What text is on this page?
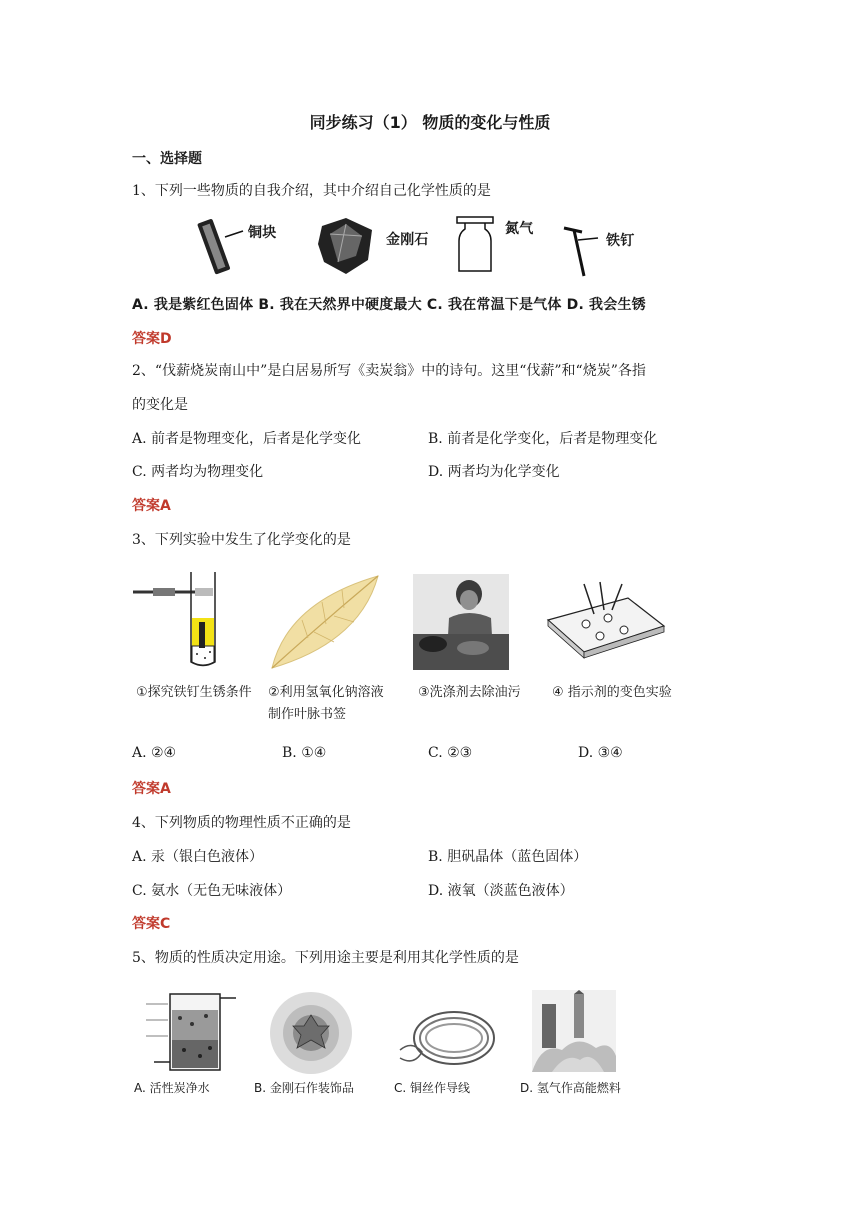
同步练习（1） 物质的变化与性质
一、选择题
1、下列一些物质的自我介绍，其中介绍自己化学性质的是
铜块	金刚石
氮气
铁钉
A. 我是紫红色固体 B. 我在天然界中硬度最大 C. 我在常温下是气体 D. 我会生锈
答案D
2、“伐薪烧炭南山中”是白居易所写《卖炭翁》中的诗句。这里“伐薪”和“烧炭”各指
的变化是
A. 前者是物理变化，后者是化学变化	B. 前者是化学变化，后者是物理变化
C. 两者均为物理变化	D. 两者均为化学变化
答案A
3、下列实验中发生了化学变化的是
①探究铁钉生锈条件 ②利用氢氧化钠溶液
制作叶脉书签
③洗涤剂去除油污 ④ 指示剂的变色实验
A. ②④	B. ①④	C. ②③	D. ③④
答案A
4、下列物质的物理性质不正确的是
A. 汞（银白色液体）	B. 胆矾晶体（蓝色固体）
C. 氨水（无色无味液体）	D. 液氧（淡蓝色液体）
答案C
5、物质的性质决定用途。下列用途主要是利用其化学性质的是
A. 活性炭净水	B. 金刚石作装饰品	C. 铜丝作导线	D. 氢气作高能燃料
